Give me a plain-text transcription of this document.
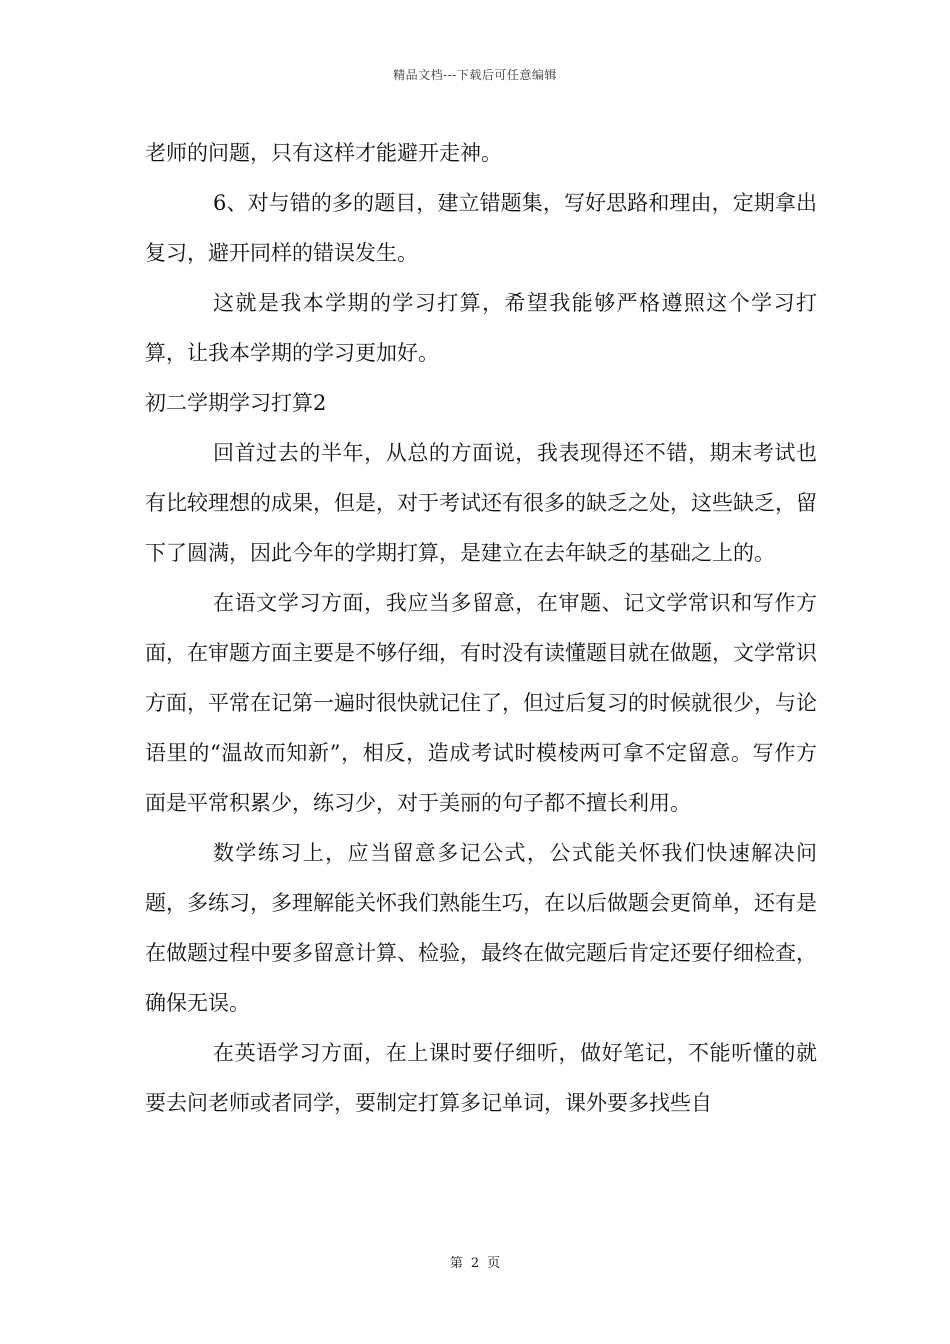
精品文档---下载后可任意编辑

老师的问题，只有这样才能避开走神。

6、对与错的多的题目，建立错题集，写好思路和理由，定期拿出复习，避开同样的错误发生。

这就是我本学期的学习打算，希望我能够严格遵照这个学习打算，让我本学期的学习更加好。

初二学期学习打算2

回首过去的半年，从总的方面说，我表现得还不错，期末考试也有比较理想的成果，但是，对于考试还有很多的缺乏之处，这些缺乏，留下了圆满，因此今年的学期打算，是建立在去年缺乏的基础之上的。

在语文学习方面，我应当多留意，在审题、记文学常识和写作方面，在审题方面主要是不够仔细，有时没有读懂题目就在做题，文学常识方面，平常在记第一遍时很快就记住了，但过后复习的时候就很少，与论语里的“温故而知新”，相反，造成考试时模棱两可拿不定留意。写作方面是平常积累少，练习少，对于美丽的句子都不擅长利用。

数学练习上，应当留意多记公式，公式能关怀我们快速解决问题，多练习，多理解能关怀我们熟能生巧，在以后做题会更简单，还有是在做题过程中要多留意计算、检验，最终在做完题后肯定还要仔细检查，确保无误。

在英语学习方面，在上课时要仔细听，做好笔记，不能听懂的就要去问老师或者同学，要制定打算多记单词，课外要多找些自

第 2 页
